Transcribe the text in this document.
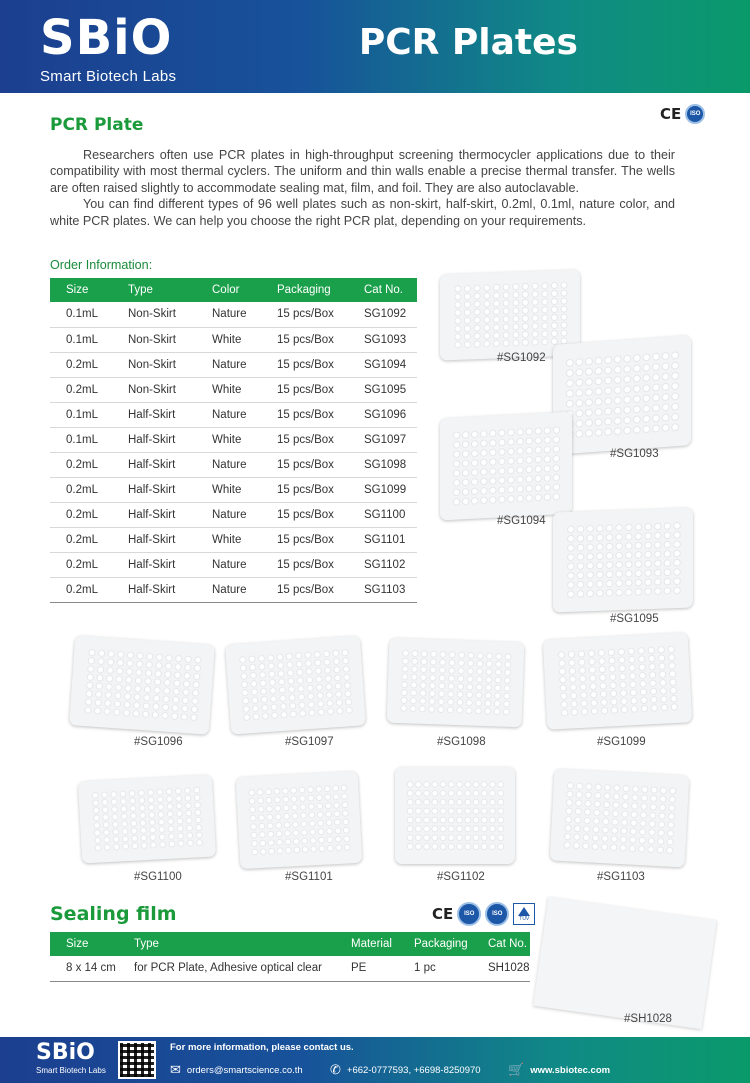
SBiO
Smart Biotech Labs
PCR Plates
PCR Plate
CE	ISO

Researchers often use PCR plates in high-throughput screening thermocycler applications due to their compatibility with most thermal cyclers. The uniform and thin walls enable a precise thermal transfer. The wells are often raised slightly to accommodate sealing mat, film, and foil. They are also autoclavable.

You can find different types of 96 well plates such as non-skirt, half-skirt, 0.2ml, 0.1ml, nature color, and white PCR plates. We can help you choose the right PCR plat, depending on your requirements.

Order Information:
Size	Type	Color	Packaging	Cat No.
0.1mL	Non-Skirt	Nature	15 pcs/Box	SG1092
0.1mL	Non-Skirt	White	15 pcs/Box	SG1093
0.2mL	Non-Skirt	Nature	15 pcs/Box	SG1094
0.2mL	Non-Skirt	White	15 pcs/Box	SG1095
0.1mL	Half-Skirt	Nature	15 pcs/Box	SG1096
0.1mL	Half-Skirt	White	15 pcs/Box	SG1097
0.2mL	Half-Skirt	Nature	15 pcs/Box	SG1098
0.2mL	Half-Skirt	White	15 pcs/Box	SG1099
0.2mL	Half-Skirt	Nature	15 pcs/Box	SG1100
0.2mL	Half-Skirt	White	15 pcs/Box	SG1101
0.2mL	Half-Skirt	Nature	15 pcs/Box	SG1102
0.2mL	Half-Skirt	Nature	15 pcs/Box	SG1103
#SG1092
#SG1093
#SG1094
#SG1095
#SG1096	#SG1097	#SG1098	#SG1099
#SG1100	#SG1101	#SG1102	#SG1103
Sealing film	CE	ISO	ISO
TÜV
Size	Type	Material	Packaging	Cat No.
8 x 14 cm	for PCR Plate, Adhesive optical clear	PE	1 pc	SH1028
#SH1028
SBiO
Smart Biotech Labs
For more information, please contact us.
✉ orders@smartscience.co.th ✆ +662-0777593, +6698-8250970 🛒 www.sbiotec.com
